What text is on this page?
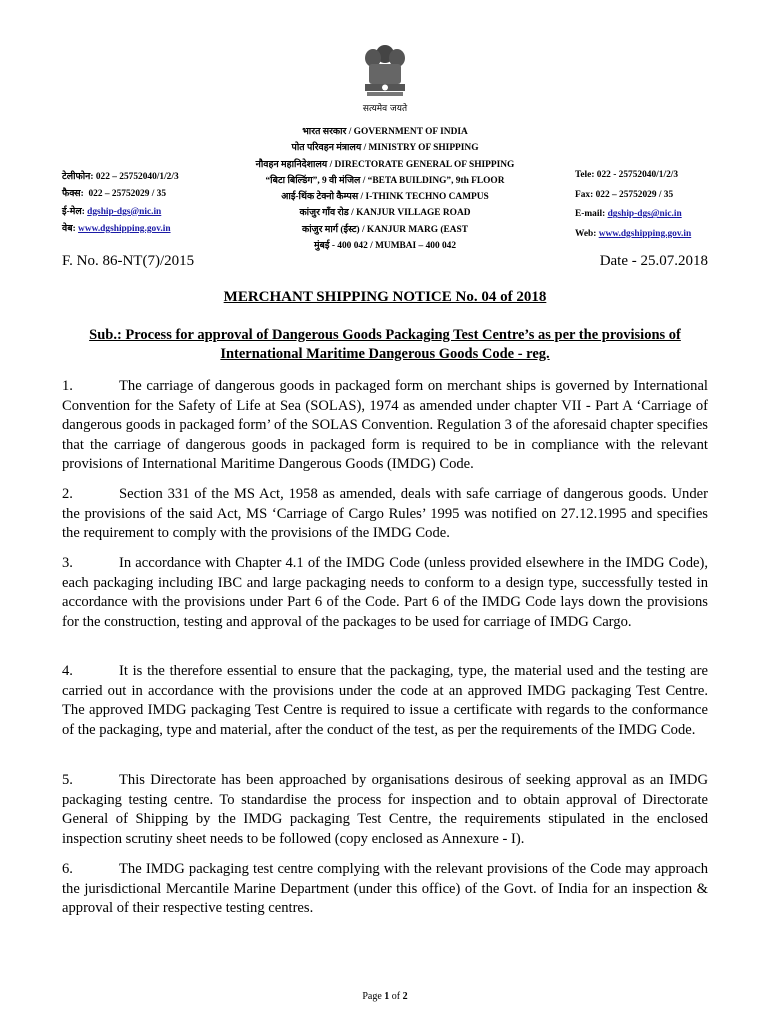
सत्यमेव जयते
भारत सरकार / GOVERNMENT OF INDIA
पोत परिवहन मंत्रालय / MINISTRY OF SHIPPING
नौवहन महानिदेशालय / DIRECTORATE GENERAL OF SHIPPING
“बिटा बिल्डिंग”, 9 वी मंजिल / “BETA BUILDING”, 9th FLOOR
आई-थिंक टेक्नो कैम्पस / I-THINK TECHNO CAMPUS
कांजुर गाँव रोड / KANJUR VILLAGE ROAD
कांजुर मार्ग (ईस्ट) / KANJUR MARG (EAST
मुंबई - 400 042 / MUMBAI – 400 042
टेलीफोन: 022 – 25752040/1/2/3
फैक्स: 022 – 25752029 / 35
ई-मेल: dgship-dgs@nic.in
वेब: www.dgshipping.gov.in
Tele: 022 - 25752040/1/2/3
Fax: 022 – 25752029 / 35
E-mail: dgship-dgs@nic.in
Web: www.dgshipping.gov.in
F. No. 86-NT(7)/2015	Date - 25.07.2018
MERCHANT SHIPPING NOTICE No. 04 of 2018
Sub.: Process for approval of Dangerous Goods Packaging Test Centre’s as per the provisions of International Maritime Dangerous Goods Code - reg.
1.	The carriage of dangerous goods in packaged form on merchant ships is governed by International Convention for the Safety of Life at Sea (SOLAS), 1974 as amended under chapter VII - Part A ‘Carriage of dangerous goods in packaged form’ of the SOLAS Convention. Regulation 3 of the aforesaid chapter specifies that the carriage of dangerous goods in packaged form is required to be in compliance with the relevant provisions of International Maritime Dangerous Goods (IMDG) Code.
2.	Section 331 of the MS Act, 1958 as amended, deals with safe carriage of dangerous goods. Under the provisions of the said Act, MS ‘Carriage of Cargo Rules’ 1995 was notified on 27.12.1995 and specifies the requirement to comply with the provisions of the IMDG Code.
3.	In accordance with Chapter 4.1 of the IMDG Code (unless provided elsewhere in the IMDG Code), each packaging including IBC and large packaging needs to conform to a design type, successfully tested in accordance with the provisions under Part 6 of the Code. Part 6 of the IMDG Code lays down the provisions for the construction, testing and approval of the packages to be used for carriage of IMDG Cargo.
4.	It is the therefore essential to ensure that the packaging, type, the material used and the testing are carried out in accordance with the provisions under the code at an approved IMDG packaging Test Centre. The approved IMDG packaging Test Centre is required to issue a certificate with regards to the conformance of the packaging, type and material, after the conduct of the test, as per the requirements of the IMDG Code.
5.	This Directorate has been approached by organisations desirous of seeking approval as an IMDG packaging testing centre. To standardise the process for inspection and to obtain approval of Directorate General of Shipping by the IMDG packaging Test Centre, the requirements stipulated in the enclosed inspection scrutiny sheet needs to be followed (copy enclosed as Annexure - I).
6.	The IMDG packaging test centre complying with the relevant provisions of the Code may approach the jurisdictional Mercantile Marine Department (under this office) of the Govt. of India for an inspection & approval of their respective testing centres.
Page 1 of 2
